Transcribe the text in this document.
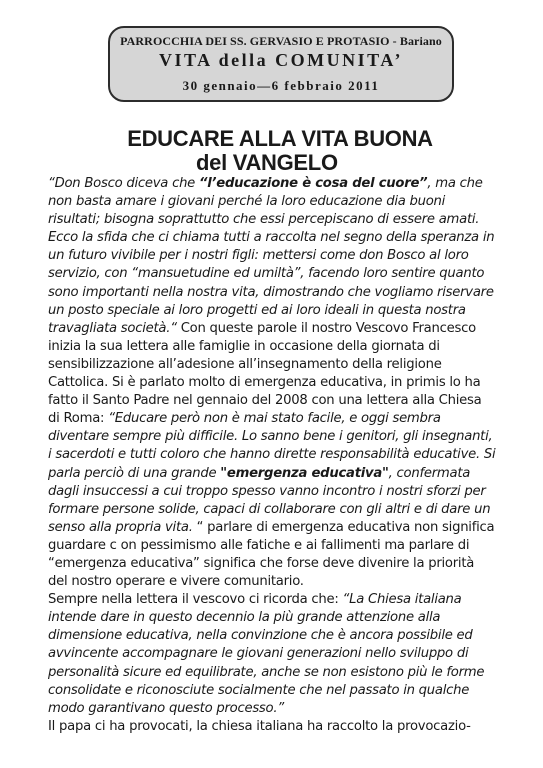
PARROCCHIA DEI SS. GERVASIO E PROTASIO - Bariano
VITA della COMUNITA’
30 gennaio—6 febbraio 2011
EDUCARE ALLA VITA BUONA
del VANGELO

“Don Bosco diceva che “l’educazione è cosa del cuore”, ma che non basta amare i giovani perché la loro educazione dia buoni risultati; bisogna soprattutto che essi percepiscano di essere amati.

Ecco la sfida che ci chiama tutti a raccolta nel segno della speranza in un futuro vivibile per i nostri figli: mettersi come don Bosco al loro servizio, con “mansuetudine ed umiltà”, facendo loro sentire quanto sono importanti nella nostra vita, dimostrando che vogliamo riservare un posto speciale ai loro progetti ed ai loro ideali in questa nostra travagliata società.“ Con queste parole il nostro Vescovo Francesco inizia la sua lettera alle famiglie in occasione della giornata di sensibilizzazione all’adesione all’insegnamento della religione Cattolica. Si è parlato molto di emergenza educativa, in primis lo ha fatto il Santo Padre nel gennaio del 2008 con una lettera alla Chiesa di Roma: “Educare però non è mai stato facile, e oggi sembra diventare sempre più difficile. Lo sanno bene i genitori, gli insegnanti, i sacerdoti e tutti coloro che hanno dirette responsabilità educative. Si parla perciò di una grande "emergenza educativa", confermata dagli insuccessi a cui troppo spesso vanno incontro i nostri sforzi per formare persone solide, capaci di collaborare con gli altri e di dare un senso alla propria vita. “ parlare di emergenza educativa non significa guardare c on pessimismo alle fatiche e ai fallimenti ma parlare di “emergenza educativa” significa che forse deve divenire la priorità del nostro operare e vivere comunitario.

Sempre nella lettera il vescovo ci ricorda che: “La Chiesa italiana intende dare in questo decennio la più grande attenzione alla dimensione educativa, nella convinzione che è ancora possibile ed avvincente accompagnare le giovani generazioni nello sviluppo di personalità sicure ed equilibrate, anche se non esistono più le forme consolidate e riconosciute socialmente che nel passato in qualche modo garantivano questo processo.”

Il papa ci ha provocati, la chiesa italiana ha raccolto la provocazio-
